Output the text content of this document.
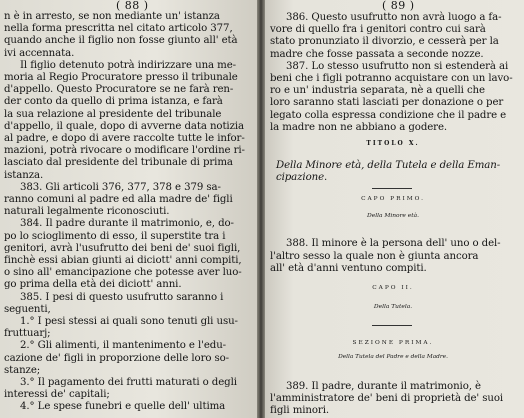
( 88 )
n è in arresto, se non mediante un' istanza
nella forma prescritta nel citato articolo 377,
quando anche il figlio non fosse giunto all' età
ivi accennata.
Il figlio detenuto potrà indirizzare una me-
moria al Regio Procuratore presso il tribunale
d'appello. Questo Procuratore se ne farà ren-
der conto da quello di prima istanza, e farà
la sua relazione al presidente del tribunale
d'appello, il quale, dopo di avverne data notizia
al padre, e dopo di avere raccolte tutte le infor-
mazioni, potrà rivocare o modificare l'ordine ri-
lasciato dal presidente del tribunale di prima
istanza.
383. Gli articoli 376, 377, 378 e 379 sa-
ranno comuni al padre ed alla madre de' figli
naturali legalmente riconosciuti.
384. Il padre durante il matrimonio, e, do-
po lo scioglimento di esso, il superstite tra i
genitori, avrà l'usufrutto dei beni de' suoi figli,
finchè essi abian giunti ai diciott' anni compiti,
o sino all' emancipazione che potesse aver luo-
go prima della età dei diciott' anni.
385. I pesi di questo usufrutto saranno i
seguenti,
1.° I pesi stessi ai quali sono tenuti gli usu-
fruttuarj;
2.° Gli alimenti, il mantenimento e l'edu-
cazione de' figli in proporzione delle loro so-
stanze;
3.° Il pagamento dei frutti maturati o degli
interessi de' capitali;
4.° Le spese funebri e quelle dell' ultima
( 89 )
386. Questo usufrutto non avrà luogo a fa-
vore di quello fra i genitori contro cui sarà
stato pronunziato il divorzio, e cesserà per la
madre che fosse passata a seconde nozze.
387. Lo stesso usufrutto non si estenderà ai
beni che i figli potranno acquistare con un lavo-
ro e un' industria separata, nè a quelli che
loro saranno stati lasciati per donazione o per
legato colla espressa condizione che il padre e
la madre non ne abbiano a godere.
TITOLO X.
Della Minore età, della Tutela e della Eman-
cipazione.
CAPO PRIMO.
Della Minore età.
388. Il minore è la persona dell' uno o del-
l'altro sesso la quale non è giunta ancora
all' età d'anni ventuno compiti.
CAPO II.
Della Tutela.
SEZIONE PRIMA.
Della Tutela del Padre e della Madre.
389. Il padre, durante il matrimonio, è
l'amministratore de' beni di proprietà de' suoi
figli minori.
